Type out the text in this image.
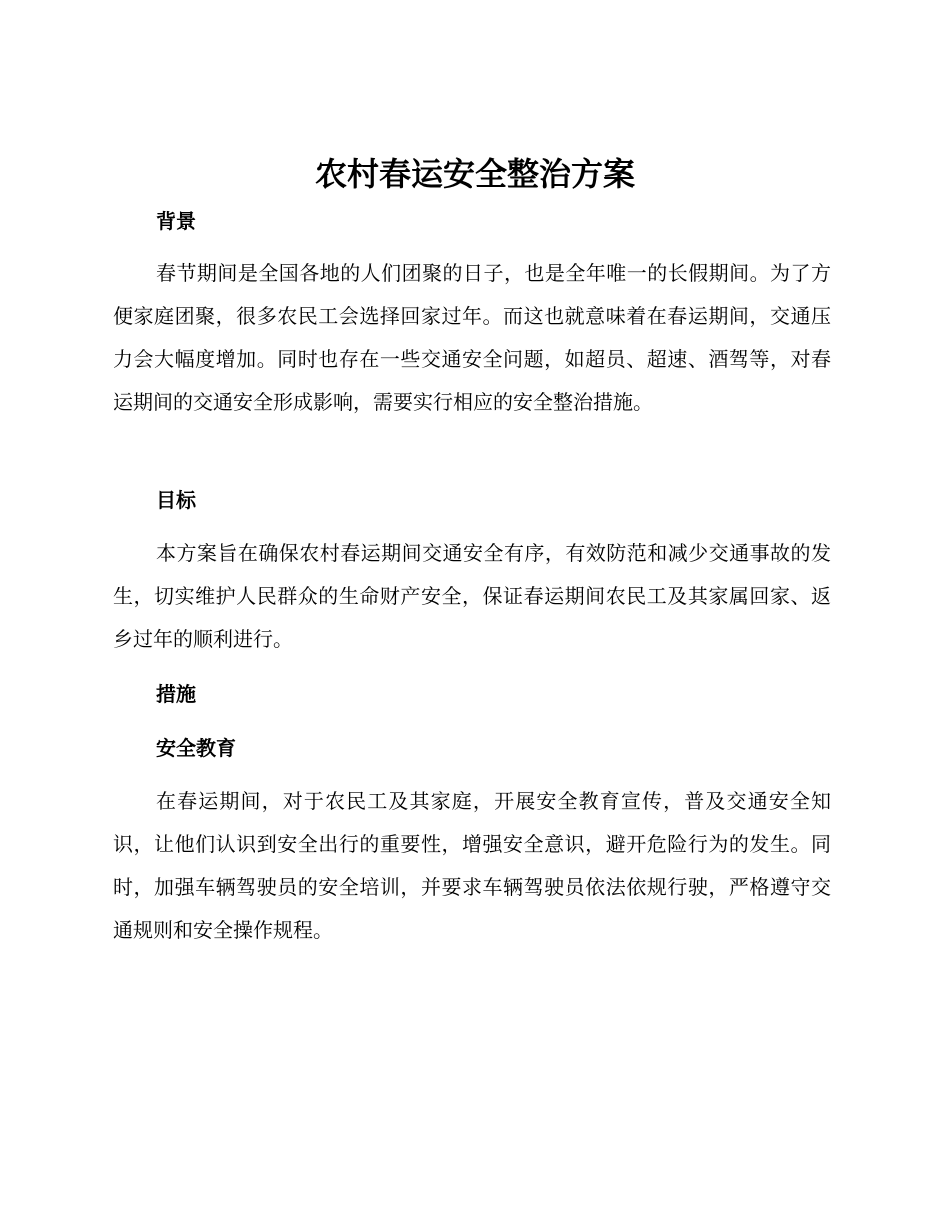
农村春运安全整治方案
背景

春节期间是全国各地的人们团聚的日子，也是全年唯一的长假期间。为了方便家庭团聚，很多农民工会选择回家过年。而这也就意味着在春运期间，交通压力会大幅度增加。同时也存在一些交通安全问题，如超员、超速、酒驾等，对春运期间的交通安全形成影响，需要实行相应的安全整治措施。

目标

本方案旨在确保农村春运期间交通安全有序，有效防范和减少交通事故的发生，切实维护人民群众的生命财产安全，保证春运期间农民工及其家属回家、返乡过年的顺利进行。

措施
安全教育

在春运期间，对于农民工及其家庭，开展安全教育宣传，普及交通安全知识，让他们认识到安全出行的重要性，增强安全意识，避开危险行为的发生。同时，加强车辆驾驶员的安全培训，并要求车辆驾驶员依法依规行驶，严格遵守交通规则和安全操作规程。
